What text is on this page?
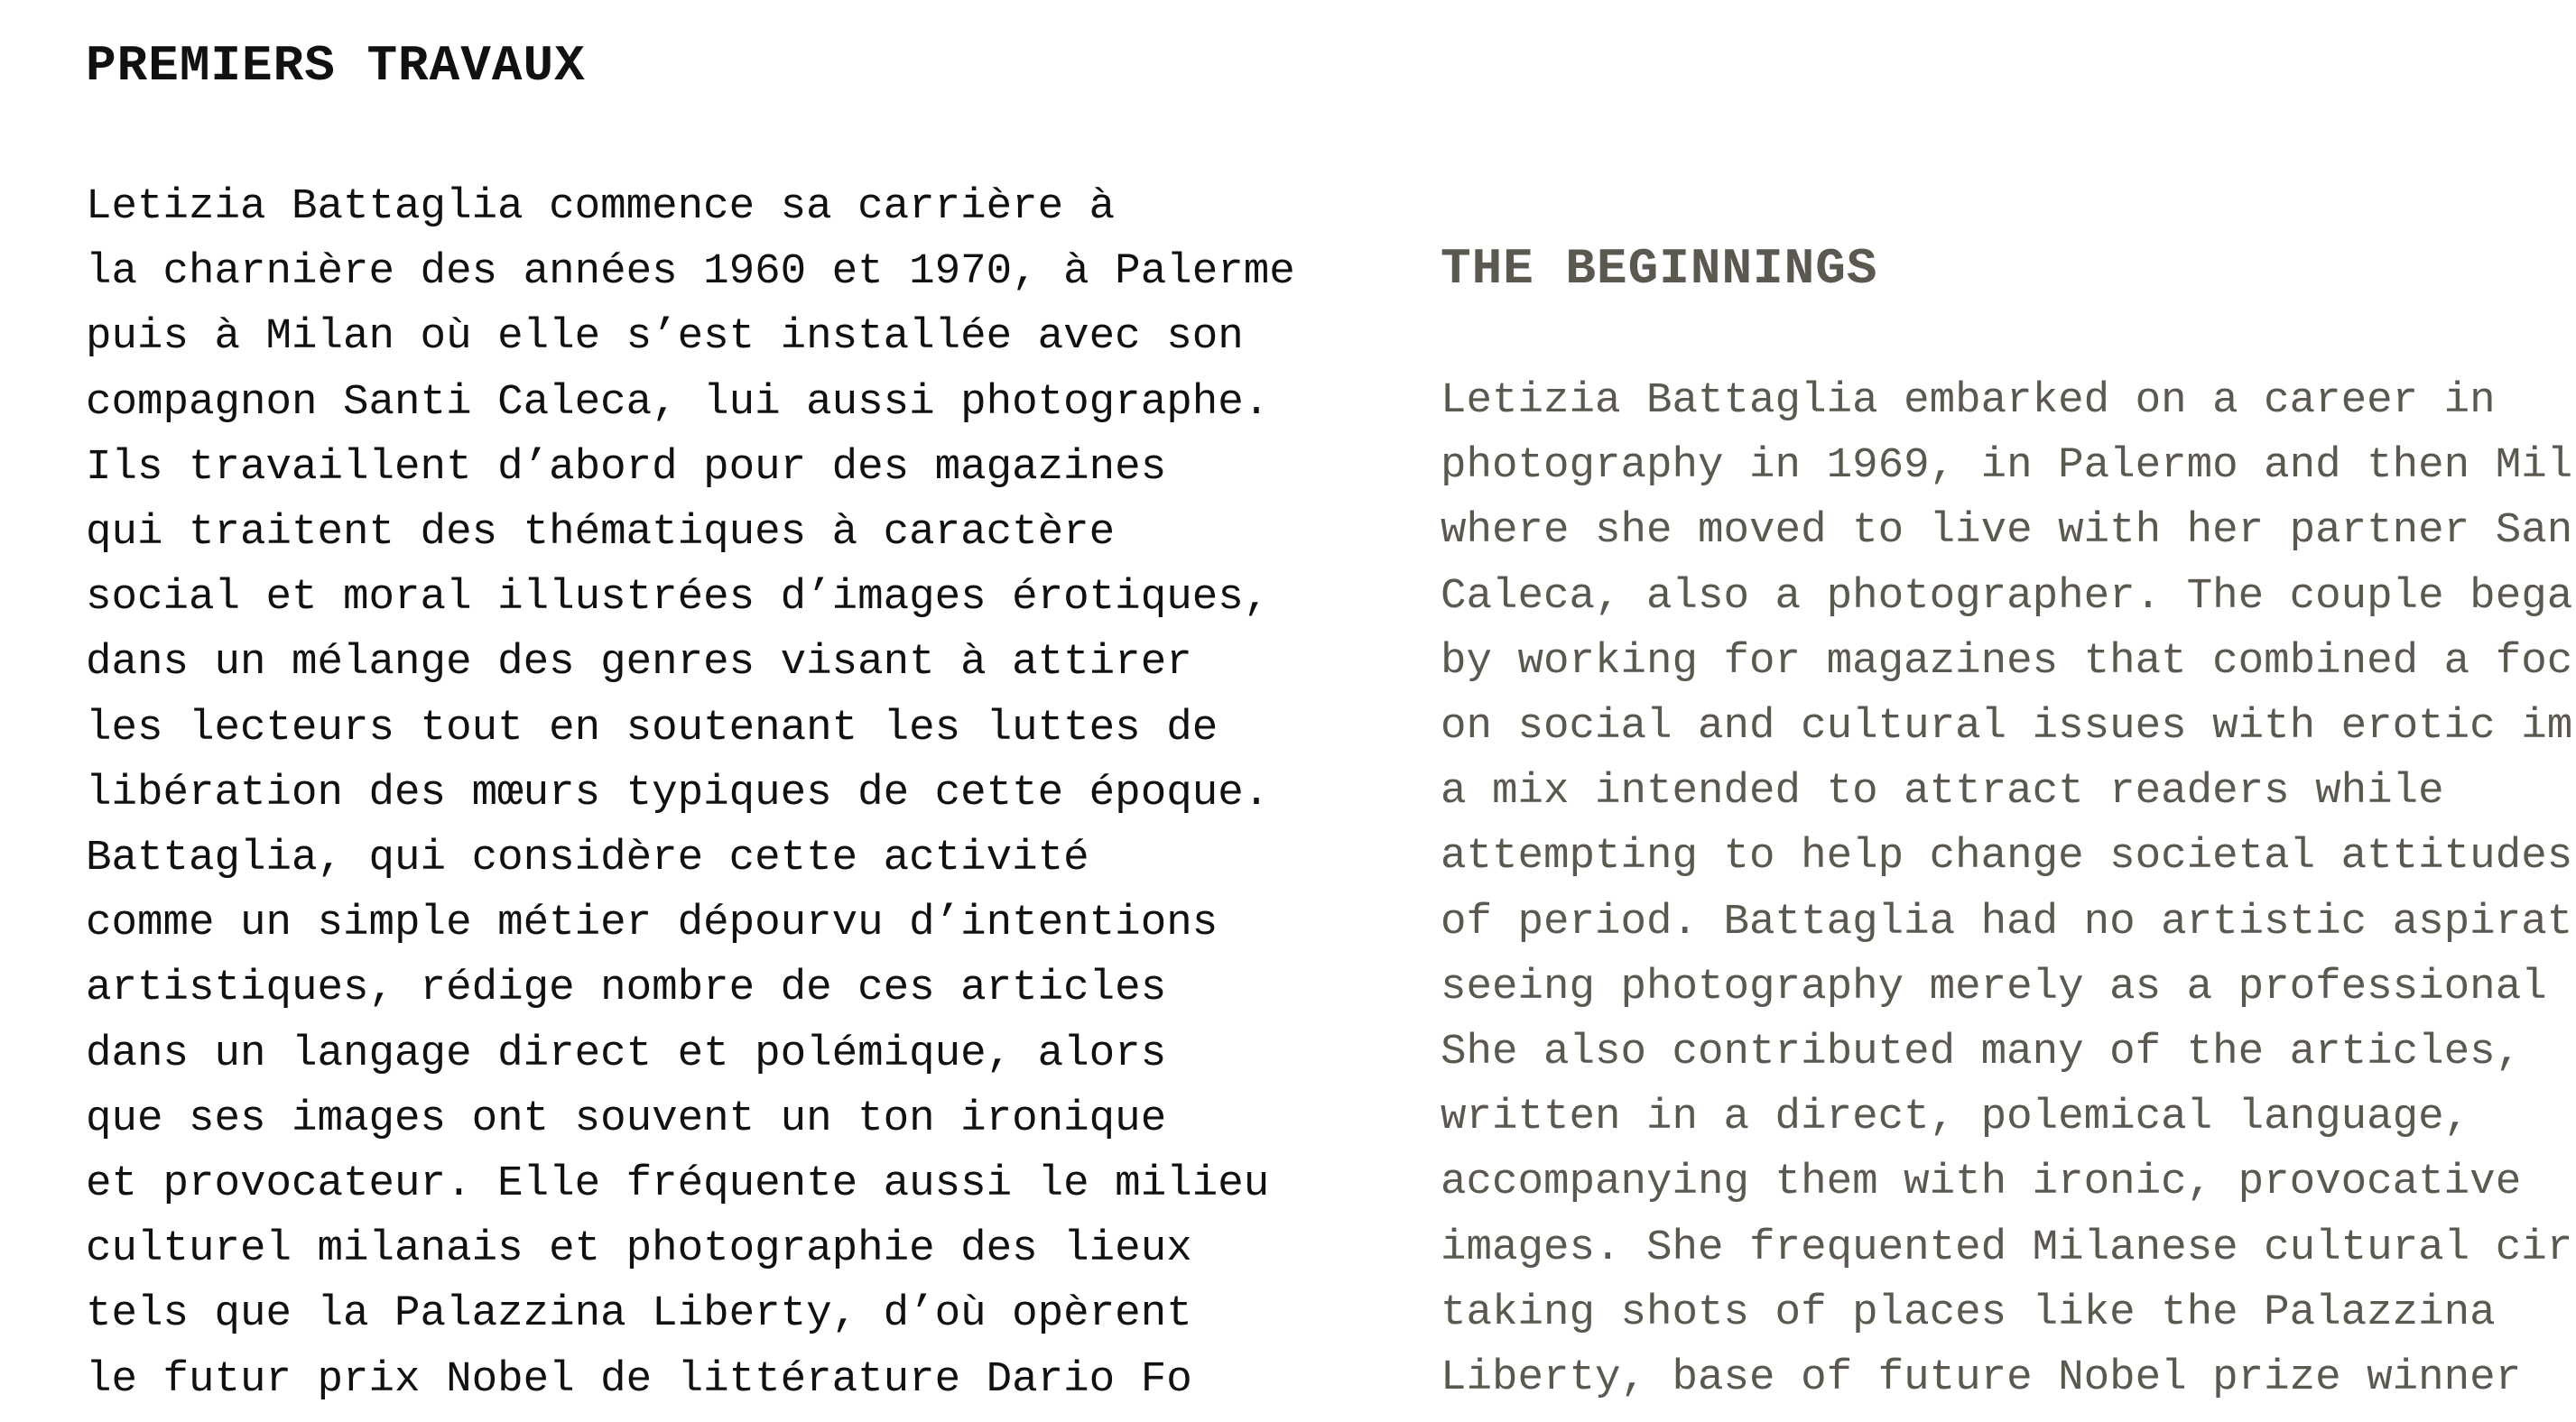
PREMIERS TRAVAUX

Letizia Battaglia commence sa carrière à
la charnière des années 1960 et 1970, à Palerme
puis à Milan où elle s’est installée avec son
compagnon Santi Caleca, lui aussi photographe.
Ils travaillent d’abord pour des magazines
qui traitent des thématiques à caractère
social et moral illustrées d’images érotiques,
dans un mélange des genres visant à attirer
les lecteurs tout en soutenant les luttes de
libération des mœurs typiques de cette époque.
Battaglia, qui considère cette activité
comme un simple métier dépourvu d’intentions
artistiques, rédige nombre de ces articles
dans un langage direct et polémique, alors
que ses images ont souvent un ton ironique
et provocateur. Elle fréquente aussi le milieu
culturel milanais et photographie des lieux
tels que la Palazzina Liberty, d’où opèrent
le futur prix Nobel de littérature Dario Fo

THE BEGINNINGS

Letizia Battaglia embarked on a career in
photography in 1969, in Palermo and then Mil
where she moved to live with her partner San
Caleca, also a photographer. The couple bega
by working for magazines that combined a foc
on social and cultural issues with erotic im
a mix intended to attract readers while
attempting to help change societal attitudes
of period. Battaglia had no artistic aspirat
seeing photography merely as a professional
She also contributed many of the articles,
written in a direct, polemical language,
accompanying them with ironic, provocative
images. She frequented Milanese cultural cir
taking shots of places like the Palazzina
Liberty, base of future Nobel prize winner
